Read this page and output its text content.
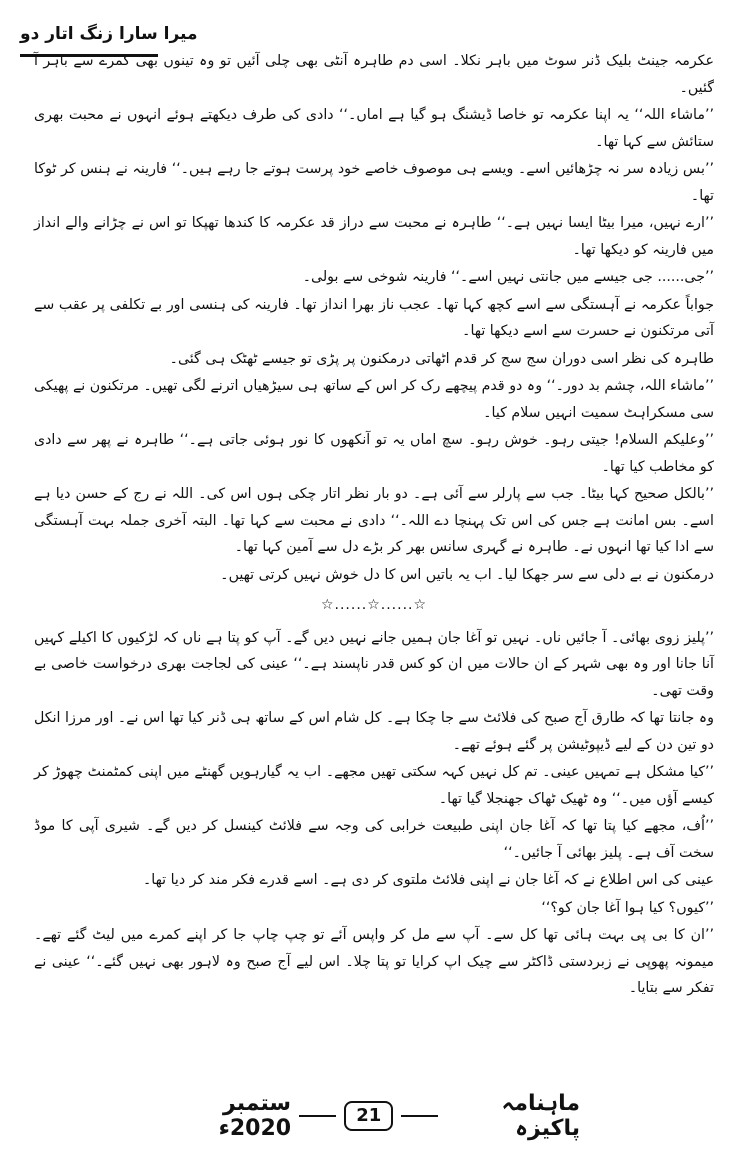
میرا سارا زنگ اتار دو

عکرمہ جینٹ بلیک ڈنر سوٹ میں باہر نکلا۔ اسی دم طاہرہ آنٹی بھی چلی آئیں تو وہ تینوں بھی کمرے سے باہر آ گئیں۔

’’ماشاء اللہ‘‘ یہ اپنا عکرمہ تو خاصا ڈیشنگ ہو گیا ہے اماں۔‘‘ دادی کی طرف دیکھتے ہوئے انہوں نے محبت بھری ستائش سے کہا تھا۔

’’بس زیادہ سر نہ چڑھائیں اسے۔ ویسے ہی موصوف خاصے خود پرست ہوتے جا رہے ہیں۔‘‘ فارینہ نے ہنس کر ٹوکا تھا۔

’’ارے نہیں، میرا بیٹا ایسا نہیں ہے۔‘‘ طاہرہ نے محبت سے دراز قد عکرمہ کا کندھا تھپکا تو اس نے چڑانے والے انداز میں فارینہ کو دیکھا تھا۔

’’جی...... جی جیسے میں جانتی نہیں اسے۔‘‘ فارینہ شوخی سے بولی۔

جواباً عکرمہ نے آہستگی سے اسے کچھ کہا تھا۔ عجب ناز بھرا انداز تھا۔ فارینہ کی ہنسی اور بے تکلفی پر عقب سے آتی مرتکنون نے حسرت سے اسے دیکھا تھا۔

طاہرہ کی نظر اسی دوران سج سج کر قدم اٹھاتی درمکنون پر پڑی تو جیسے ٹھٹک ہی گئی۔

’’ماشاء اللہ، چشم بد دور۔‘‘ وہ دو قدم پیچھے رک کر اس کے ساتھ ہی سیڑھیاں اترنے لگی تھیں۔ مرتکنون نے پھیکی سی مسکراہٹ سمیت انہیں سلام کیا۔

’’وعلیکم السلام! جیتی رہو۔ خوش رہو۔ سچ اماں یہ تو آنکھوں کا نور ہوئی جاتی ہے۔‘‘ طاہرہ نے پھر سے دادی کو مخاطب کیا تھا۔

’’بالکل صحیح کہا بیٹا۔ جب سے پارلر سے آئی ہے۔ دو بار نظر اتار چکی ہوں اس کی۔ اللہ نے رج کے حسن دیا ہے اسے۔ بس امانت ہے جس کی اس تک پہنچا دے اللہ۔‘‘ دادی نے محبت سے کہا تھا۔ البتہ آخری جملہ بہت آہستگی سے ادا کیا تھا انہوں نے۔ طاہرہ نے گہری سانس بھر کر بڑے دل سے آمین کہا تھا۔

درمکنون نے بے دلی سے سر جھکا لیا۔ اب یہ باتیں اس کا دل خوش نہیں کرتی تھیں۔

☆......☆......☆

’’پلیز زوی بھائی۔ آ جائیں ناں۔ نہیں تو آغا جان ہمیں جانے نہیں دیں گے۔ آپ کو پتا ہے ناں کہ لڑکیوں کا اکیلے کہیں آنا جانا اور وہ بھی شہر کے ان حالات میں ان کو کس قدر ناپسند ہے۔‘‘ عینی کی لجاجت بھری درخواست خاصی بے وقت تھی۔

وہ جانتا تھا کہ طارق آج صبح کی فلائٹ سے جا چکا ہے۔ کل شام اس کے ساتھ ہی ڈنر کیا تھا اس نے۔ اور مرزا انکل دو تین دن کے لیے ڈیپوٹیشن پر گئے ہوئے تھے۔

’’کیا مشکل ہے تمہیں عینی۔ تم کل نہیں کہہ سکتی تھیں مجھے۔ اب یہ گیارہویں گھنٹے میں اپنی کمٹمنٹ چھوڑ کر کیسے آؤں میں۔‘‘ وہ ٹھیک ٹھاک جھنجلا گیا تھا۔

’’اُف، مجھے کیا پتا تھا کہ آغا جان اپنی طبیعت خرابی کی وجہ سے فلائٹ کینسل کر دیں گے۔ شیری آپی کا موڈ سخت آف ہے۔ پلیز بھائی آ جائیں۔‘‘

عینی کی اس اطلاع نے کہ آغا جان نے اپنی فلائٹ ملتوی کر دی ہے۔ اسے قدرے فکر مند کر دیا تھا۔

’’کیوں؟ کیا ہوا آغا جان کو؟‘‘

’’ان کا بی پی بہت ہائی تھا کل سے۔ آپ سے مل کر واپس آئے تو چپ چاپ جا کر اپنے کمرے میں لیٹ گئے تھے۔ میمونہ پھوپی نے زبردستی ڈاکٹر سے چیک اپ کرایا تو پتا چلا۔ اس لیے آج صبح وہ لاہور بھی نہیں گئے۔‘‘ عینی نے تفکر سے بتایا۔

ماہنامہ پاکیزہ
21
ستمبر 2020ء
